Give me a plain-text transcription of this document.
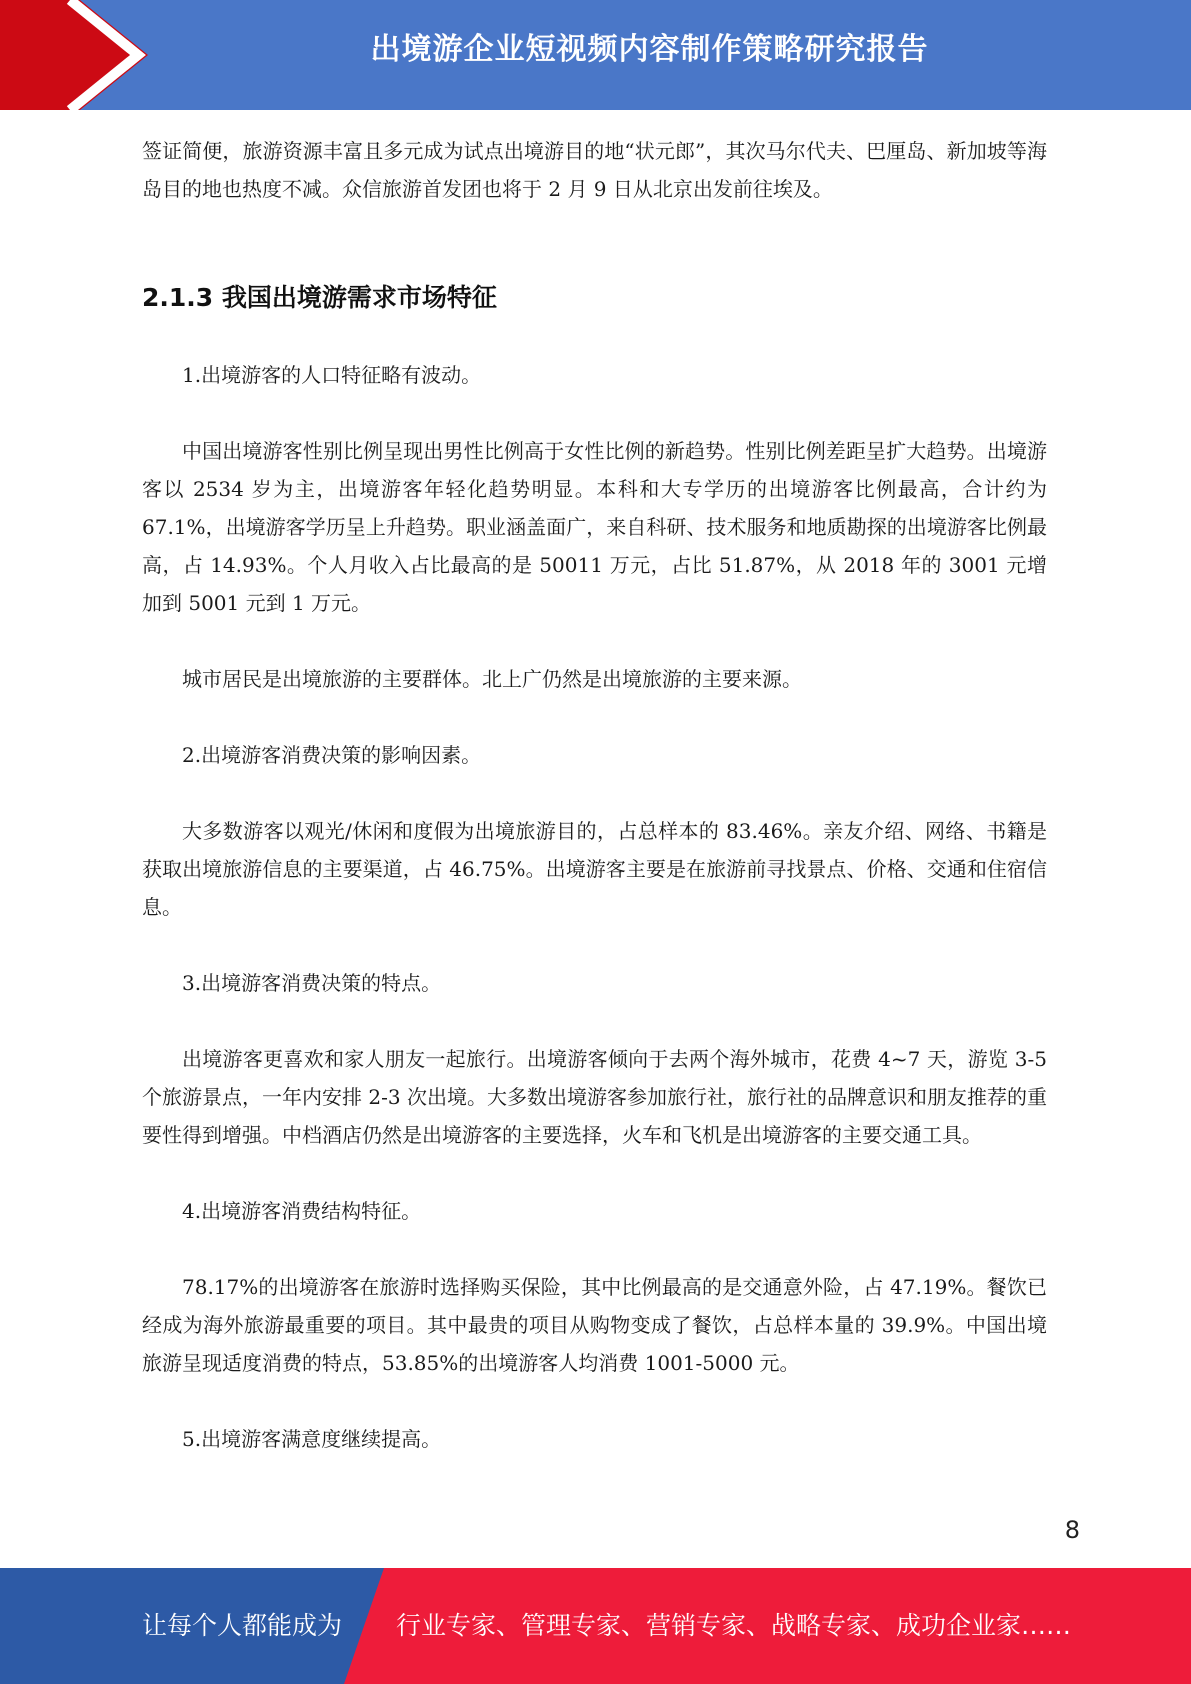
出境游企业短视频内容制作策略研究报告

签证简便，旅游资源丰富且多元成为试点出境游目的地“状元郎”，其次马尔代夫、巴厘岛、新加坡等海岛目的地也热度不减。众信旅游首发团也将于 2 月 9 日从北京出发前往埃及。

2.1.3 我国出境游需求市场特征

1.出境游客的人口特征略有波动。

中国出境游客性别比例呈现出男性比例高于女性比例的新趋势。性别比例差距呈扩大趋势。出境游客以 2534 岁为主，出境游客年轻化趋势明显。本科和大专学历的出境游客比例最高，合计约为 67.1%，出境游客学历呈上升趋势。职业涵盖面广，来自科研、技术服务和地质勘探的出境游客比例最高，占 14.93%。个人月收入占比最高的是 50011 万元，占比 51.87%，从 2018 年的 3001 元增加到 5001 元到 1 万元。

城市居民是出境旅游的主要群体。北上广仍然是出境旅游的主要来源。

2.出境游客消费决策的影响因素。

大多数游客以观光/休闲和度假为出境旅游目的，占总样本的 83.46%。亲友介绍、网络、书籍是获取出境旅游信息的主要渠道，占 46.75%。出境游客主要是在旅游前寻找景点、价格、交通和住宿信息。

3.出境游客消费决策的特点。

出境游客更喜欢和家人朋友一起旅行。出境游客倾向于去两个海外城市，花费 4~7 天，游览 3-5 个旅游景点，一年内安排 2-3 次出境。大多数出境游客参加旅行社，旅行社的品牌意识和朋友推荐的重要性得到增强。中档酒店仍然是出境游客的主要选择，火车和飞机是出境游客的主要交通工具。

4.出境游客消费结构特征。

78.17%的出境游客在旅游时选择购买保险，其中比例最高的是交通意外险，占 47.19%。餐饮已经成为海外旅游最重要的项目。其中最贵的项目从购物变成了餐饮，占总样本量的 39.9%。中国出境旅游呈现适度消费的特点，53.85%的出境游客人均消费 1001-5000 元。

5.出境游客满意度继续提高。

8
让每个人都能成为 行业专家、管理专家、营销专家、战略专家、成功企业家……
